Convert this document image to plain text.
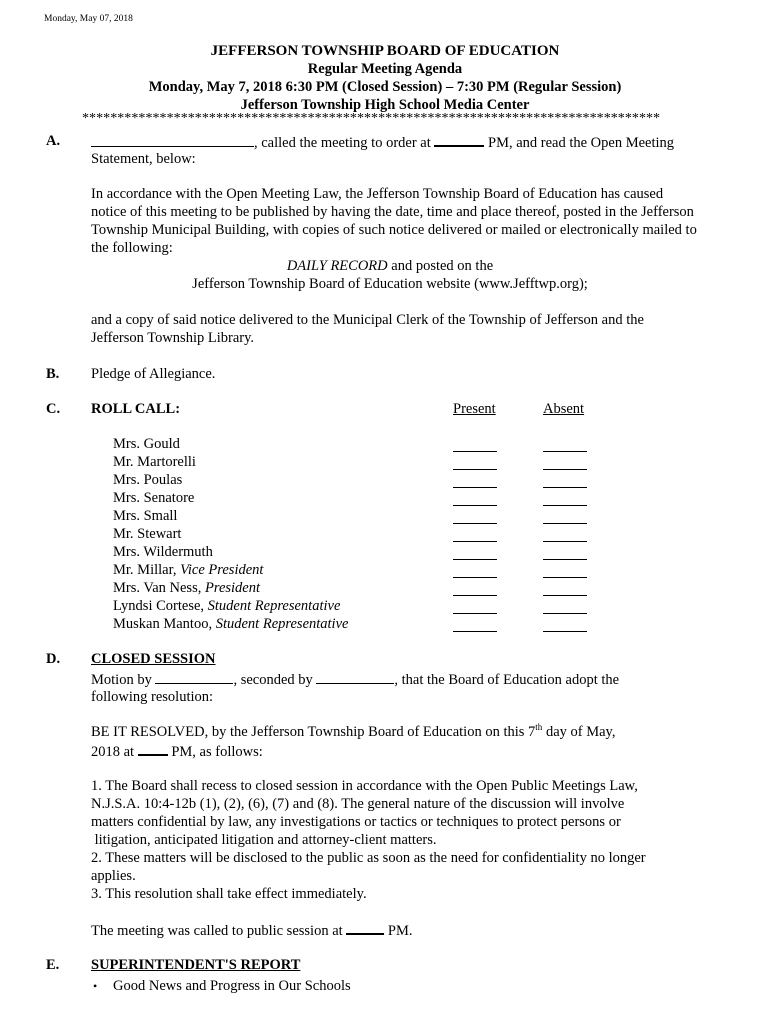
Monday, May 07, 2018
JEFFERSON TOWNSHIP BOARD OF EDUCATION
Regular Meeting Agenda
Monday, May 7, 2018 6:30 PM (Closed Session) – 7:30 PM (Regular Session)
Jefferson Township High School Media Center
**********************************************************************************
A.	, called the meeting to order at	PM, and read the Open Meeting
Statement, below:
In accordance with the Open Meeting Law, the Jefferson Township Board of Education has caused
notice of this meeting to be published by having the date, time and place thereof, posted in the Jefferson
Township Municipal Building, with copies of such notice delivered or mailed or electronically mailed to
the following:
DAILY RECORD and posted on the
Jefferson Township Board of Education website (www.Jefftwp.org);
and a copy of said notice delivered to the Municipal Clerk of the Township of Jefferson and the
Jefferson Township Library.
B. Pledge of Allegiance.
C. ROLL CALL:	Present	Absent
Mrs. Gould
Mr. Martorelli
Mrs. Poulas
Mrs. Senatore
Mrs. Small
Mr. Stewart
Mrs. Wildermuth
Mr. Millar, Vice President
Mrs. Van Ness, President
Lyndsi Cortese, Student Representative
Muskan Mantoo, Student Representative
D. CLOSED SESSION
Motion by	, seconded by	, that the Board of Education adopt the
following resolution:
BE IT RESOLVED, by the Jefferson Township Board of Education on this 7th day of May,
2018 at	PM, as follows:
1. The Board shall recess to closed session in accordance with the Open Public Meetings Law,
N.J.S.A. 10:4-12b (1), (2), (6), (7) and (8). The general nature of the discussion will involve
matters confidential by law, any investigations or tactics or techniques to protect persons or
litigation, anticipated litigation and attorney-client matters.
2. These matters will be disclosed to the public as soon as the need for confidentiality no longer
applies.
3. This resolution shall take effect immediately.
The meeting was called to public session at	PM.
E. SUPERINTENDENT'S REPORT
• Good News and Progress in Our Schools
